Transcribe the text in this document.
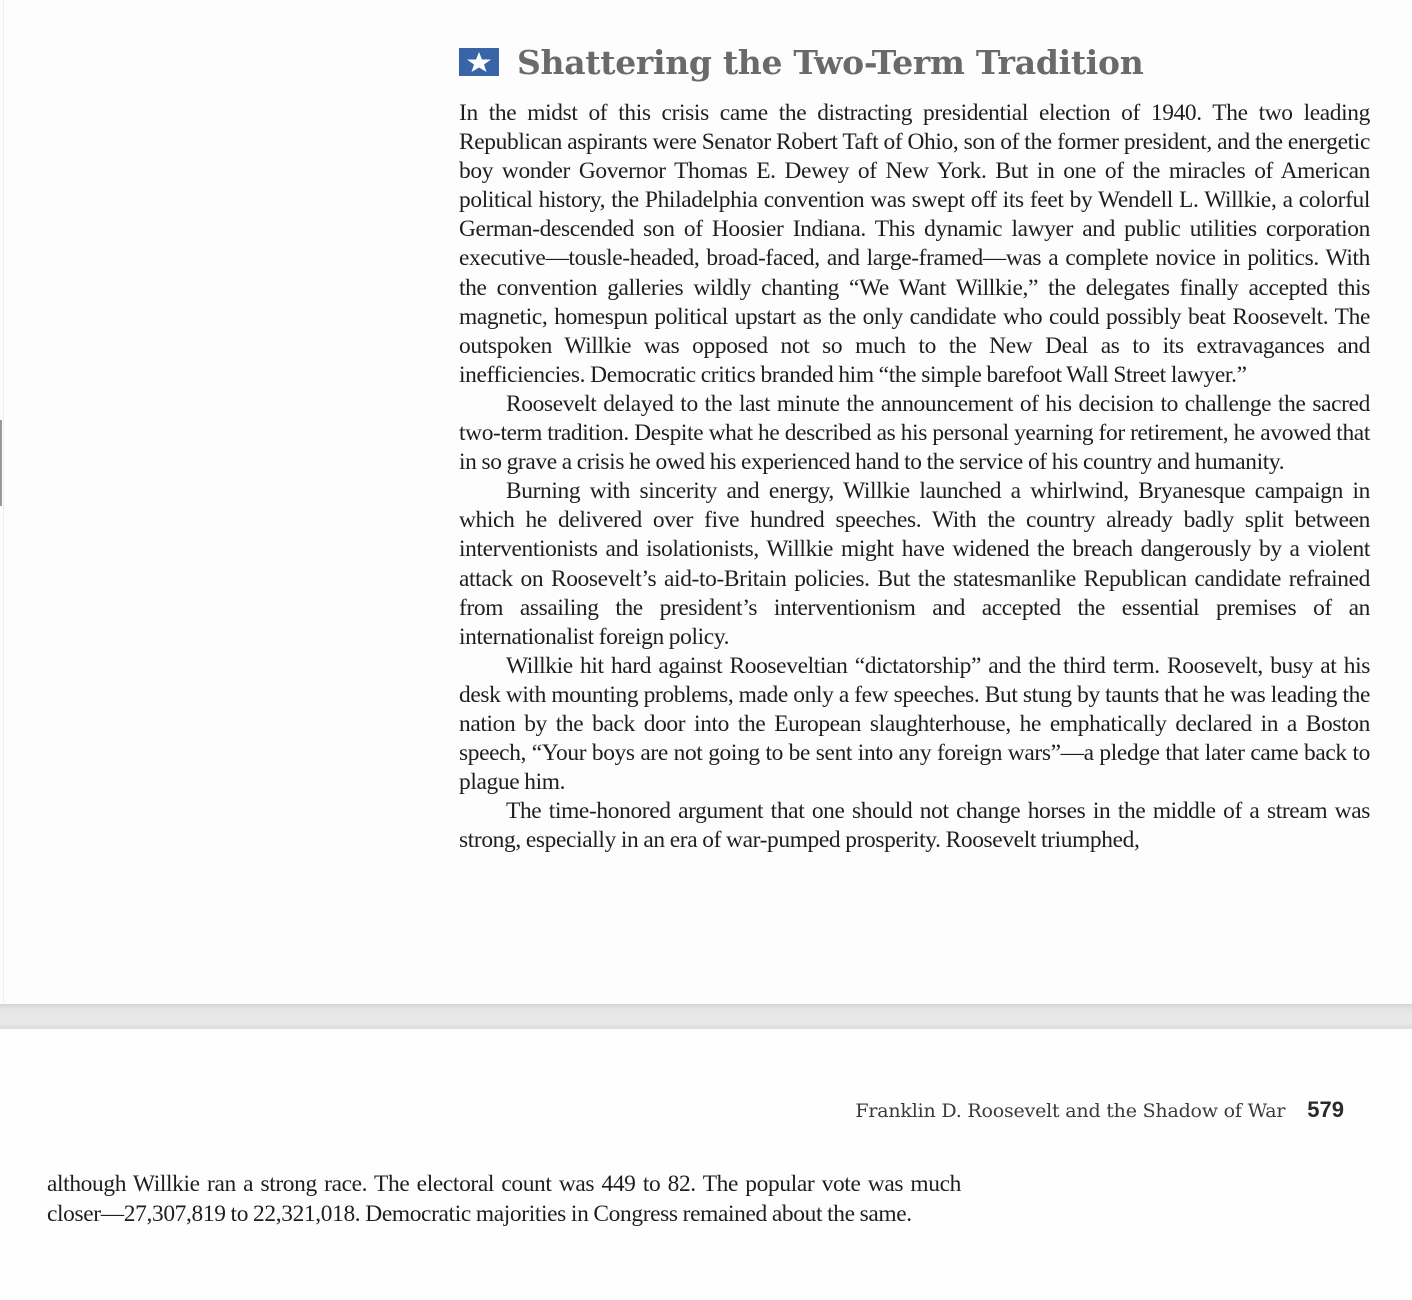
Shattering the Two-Term Tradition

In the midst of this crisis came the distracting presidential election of 1940. The two leading Republican aspirants were Senator Robert Taft of Ohio, son of the former president, and the energetic boy wonder Governor Thomas E. Dewey of New York. But in one of the miracles of American political history, the Philadelphia convention was swept off its feet by Wendell L. Willkie, a colorful German-descended son of Hoosier Indiana. This dynamic lawyer and public utilities corporation executive—tousle-headed, broad-faced, and large-framed—was a complete novice in politics. With the convention galleries wildly chanting “We Want Willkie,” the delegates finally accepted this magnetic, homespun political upstart as the only candidate who could possibly beat Roosevelt. The outspoken Willkie was opposed not so much to the New Deal as to its extravagances and inefficiencies. Democratic critics branded him “the simple barefoot Wall Street lawyer.”

Roosevelt delayed to the last minute the announcement of his decision to challenge the sacred two-term tradition. Despite what he described as his personal yearning for retirement, he avowed that in so grave a crisis he owed his experienced hand to the service of his country and humanity.

Burning with sincerity and energy, Willkie launched a whirlwind, Bryanesque campaign in which he delivered over five hundred speeches. With the country already badly split between interventionists and isolationists, Willkie might have widened the breach dangerously by a violent attack on Roosevelt’s aid-to-Britain policies. But the statesmanlike Republican candidate refrained from assailing the president’s interventionism and accepted the essential premises of an internationalist foreign policy.

Willkie hit hard against Rooseveltian “dictatorship” and the third term. Roosevelt, busy at his desk with mounting problems, made only a few speeches. But stung by taunts that he was leading the nation by the back door into the European slaughterhouse, he emphatically declared in a Boston speech, “Your boys are not going to be sent into any foreign wars”—a pledge that later came back to plague him.

The time-honored argument that one should not change horses in the middle of a stream was strong, especially in an era of war-pumped prosperity. Roosevelt triumphed,

Franklin D. Roosevelt and the Shadow of War 579

although Willkie ran a strong race. The electoral count was 449 to 82. The popular vote was much closer—27,307,819 to 22,321,018. Democratic majorities in Congress remained about the same.
